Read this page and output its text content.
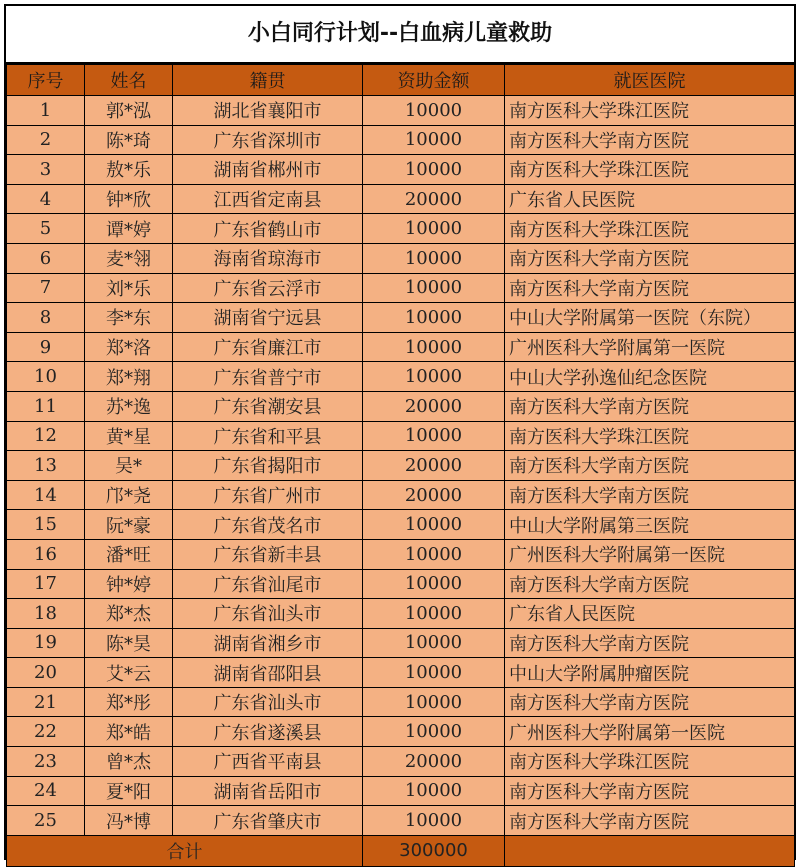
小白同行计划--白血病儿童救助
序号	姓名	籍贯	资助金额	就医医院
1	郭*泓	湖北省襄阳市	10000	南方医科大学珠江医院
2	陈*琦	广东省深圳市	10000	南方医科大学南方医院
3	敖*乐	湖南省郴州市	10000	南方医科大学珠江医院
4	钟*欣	江西省定南县	20000	广东省人民医院
5	谭*婷	广东省鹤山市	10000	南方医科大学珠江医院
6	麦*翎	海南省琼海市	10000	南方医科大学南方医院
7	刘*乐	广东省云浮市	10000	南方医科大学南方医院
8	李*东	湖南省宁远县	10000	中山大学附属第一医院（东院）
9	郑*洛	广东省廉江市	10000	广州医科大学附属第一医院
10	郑*翔	广东省普宁市	10000	中山大学孙逸仙纪念医院
11	苏*逸	广东省潮安县	20000	南方医科大学南方医院
12	黄*星	广东省和平县	10000	南方医科大学珠江医院
13	吴*	广东省揭阳市	20000	南方医科大学南方医院
14	邝*尧	广东省广州市	20000	南方医科大学南方医院
15	阮*豪	广东省茂名市	10000	中山大学附属第三医院
16	潘*旺	广东省新丰县	10000	广州医科大学附属第一医院
17	钟*婷	广东省汕尾市	10000	南方医科大学南方医院
18	郑*杰	广东省汕头市	10000	广东省人民医院
19	陈*昊	湖南省湘乡市	10000	南方医科大学南方医院
20	艾*云	湖南省邵阳县	10000	中山大学附属肿瘤医院
21	郑*彤	广东省汕头市	10000	南方医科大学南方医院
22	郑*皓	广东省遂溪县	10000	广州医科大学附属第一医院
23	曾*杰	广西省平南县	20000	南方医科大学珠江医院
24	夏*阳	湖南省岳阳市	10000	南方医科大学南方医院
25	冯*博	广东省肇庆市	10000	南方医科大学南方医院
合计			300000	
